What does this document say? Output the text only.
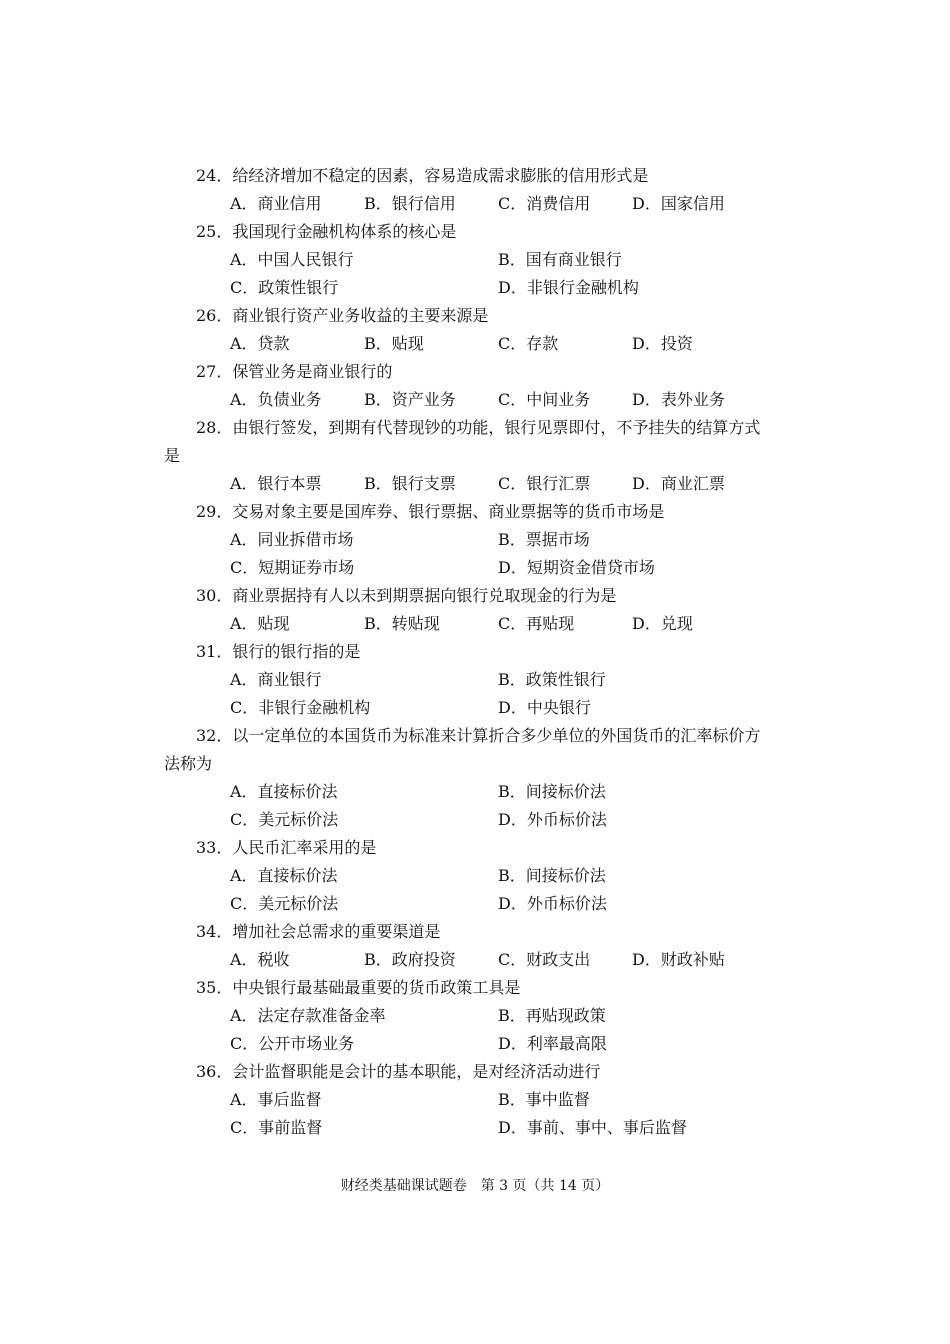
24．给经济增加不稳定的因素，容易造成需求膨胀的信用形式是
A．商业信用	B．银行信用	C．消费信用	D．国家信用
25．我国现行金融机构体系的核心是
A．中国人民银行	B．国有商业银行
C．政策性银行	D．非银行金融机构
26．商业银行资产业务收益的主要来源是
A．贷款	B．贴现	C．存款	D．投资
27．保管业务是商业银行的
A．负债业务	B．资产业务	C．中间业务	D．表外业务
28．由银行签发，到期有代替现钞的功能，银行见票即付，不予挂失的结算方式
是
A．银行本票	B．银行支票	C．银行汇票	D．商业汇票
29．交易对象主要是国库券、银行票据、商业票据等的货币市场是
A．同业拆借市场	B．票据市场
C．短期证券市场	D．短期资金借贷市场
30．商业票据持有人以未到期票据向银行兑取现金的行为是
A．贴现	B．转贴现	C．再贴现	D．兑现
31．银行的银行指的是
A．商业银行	B．政策性银行
C．非银行金融机构	D．中央银行
32．以一定单位的本国货币为标准来计算折合多少单位的外国货币的汇率标价方
法称为
A．直接标价法	B．间接标价法
C．美元标价法	D．外币标价法
33．人民币汇率采用的是
A．直接标价法	B．间接标价法
C．美元标价法	D．外币标价法
34．增加社会总需求的重要渠道是
A．税收	B．政府投资	C．财政支出	D．财政补贴
35．中央银行最基础最重要的货币政策工具是
A．法定存款准备金率	B．再贴现政策
C．公开市场业务	D．利率最高限
36．会计监督职能是会计的基本职能，是对经济活动进行
A．事后监督	B．事中监督
C．事前监督	D．事前、事中、事后监督
财经类基础课试题卷　第 3 页（共 14 页）
